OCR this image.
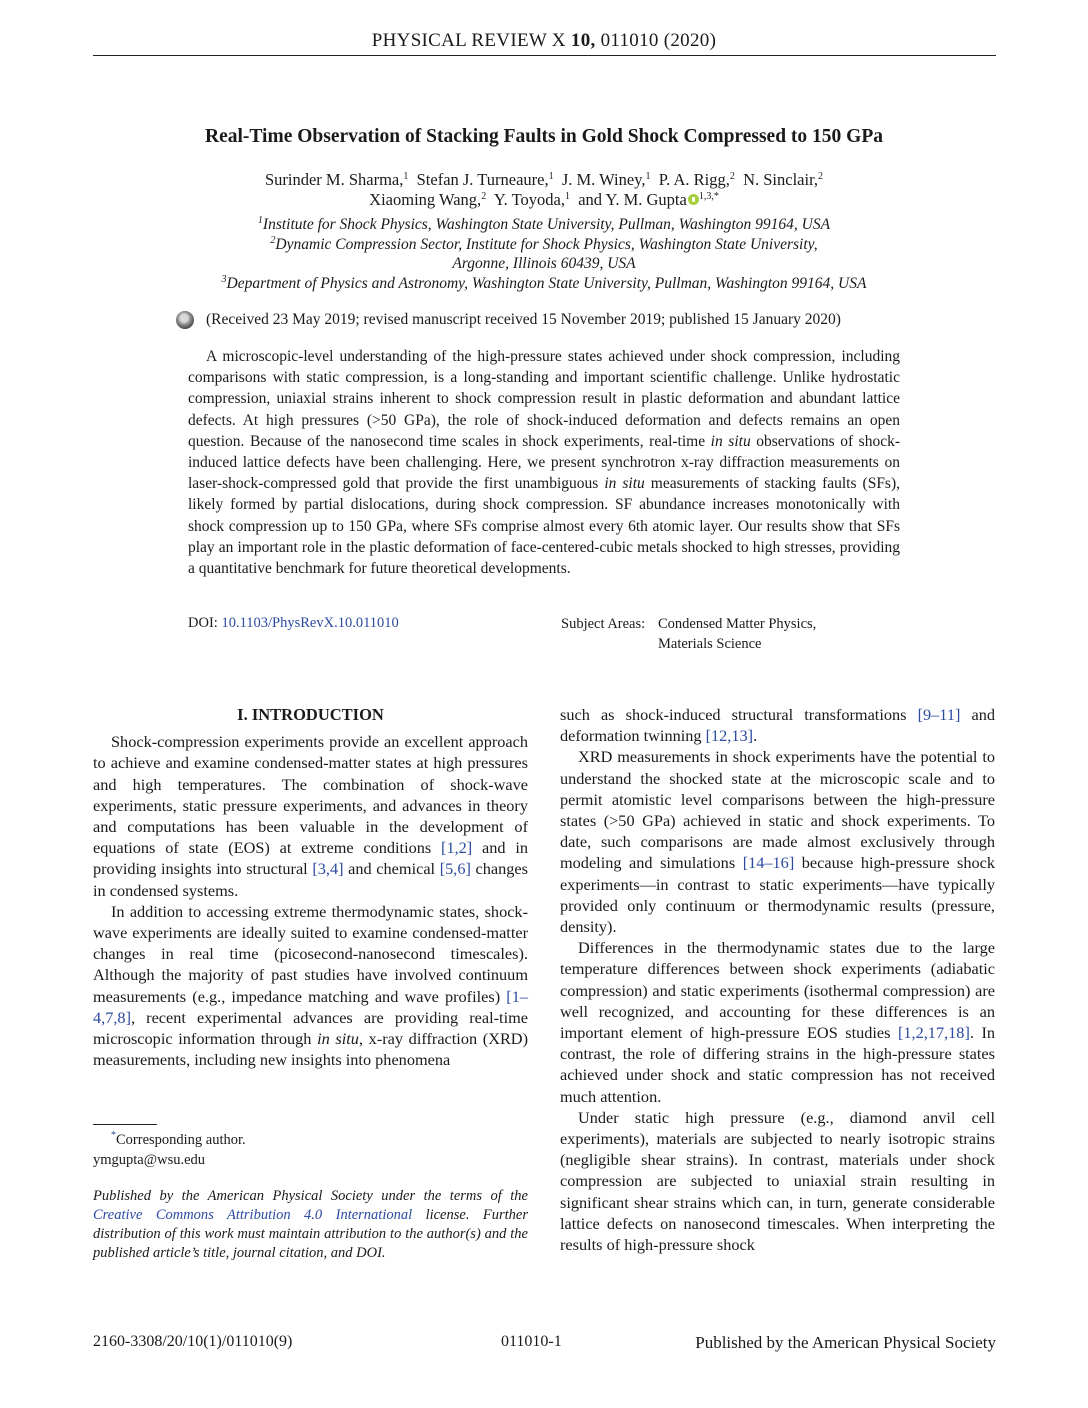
PHYSICAL REVIEW X 10, 011010 (2020)
Real-Time Observation of Stacking Faults in Gold Shock Compressed to 150 GPa
Surinder M. Sharma,$^1$ Stefan J. Turneaure,$^1$ J. M. Winey,$^1$ P. A. Rigg,$^2$ N. Sinclair,$^2$
Xiaoming Wang,$^2$ Y. Toyoda,$^1$ and Y. M. Gupta $^{1,3,*}$
$^1$Institute for Shock Physics, Washington State University, Pullman, Washington 99164, USA
$^2$Dynamic Compression Sector, Institute for Shock Physics, Washington State University,
Argonne, Illinois 60439, USA
$^3$Department of Physics and Astronomy, Washington State University, Pullman, Washington 99164, USA
(Received 23 May 2019; revised manuscript received 15 November 2019; published 15 January 2020)
A microscopic-level understanding of the high-pressure states achieved under shock compression, including comparisons with static compression, is a long-standing and important scientific challenge. Unlike hydrostatic compression, uniaxial strains inherent to shock compression result in plastic deformation and abundant lattice defects. At high pressures (>50 GPa), the role of shock-induced deformation and defects remains an open question. Because of the nanosecond time scales in shock experiments, real-time in situ observations of shock-induced lattice defects have been challenging. Here, we present synchrotron x-ray diffraction measurements on laser-shock-compressed gold that provide the first unambiguous in situ measurements of stacking faults (SFs), likely formed by partial dislocations, during shock compression. SF abundance increases monotonically with shock compression up to 150 GPa, where SFs comprise almost every 6th atomic layer. Our results show that SFs play an important role in the plastic deformation of face-centered-cubic metals shocked to high stresses, providing a quantitative benchmark for future theoretical developments.
DOI: 10.1103/PhysRevX.10.011010	Subject Areas: Condensed Matter Physics,
Materials Science
I. INTRODUCTION
Shock-compression experiments provide an excellent approach to achieve and examine condensed-matter states at high pressures and high temperatures. The combination of shock-wave experiments, static pressure experiments, and advances in theory and computations has been valuable in the development of equations of state (EOS) at extreme conditions [1,2] and in providing insights into structural [3,4] and chemical [5,6] changes in condensed systems.
In addition to accessing extreme thermodynamic states, shock-wave experiments are ideally suited to examine condensed-matter changes in real time (picosecond-nanosecond timescales). Although the majority of past studies have involved continuum measurements (e.g., impedance matching and wave profiles) [1–4,7,8], recent experimental advances are providing real-time microscopic information through in situ, x-ray diffraction (XRD) measurements, including new insights into phenomena
such as shock-induced structural transformations [9–11] and deformation twinning [12,13].
XRD measurements in shock experiments have the potential to understand the shocked state at the microscopic scale and to permit atomistic level comparisons between the high-pressure states (>50 GPa) achieved in static and shock experiments. To date, such comparisons are made almost exclusively through modeling and simulations [14–16] because high-pressure shock experiments—in contrast to static experiments—have typically provided only continuum or thermodynamic results (pressure, density).
Differences in the thermodynamic states due to the large temperature differences between shock experiments (adiabatic compression) and static experiments (isothermal compression) are well recognized, and accounting for these differences is an important element of high-pressure EOS studies [1,2,17,18]. In contrast, the role of differing strains in the high-pressure states achieved under shock and static compression has not received much attention.
Under static high pressure (e.g., diamond anvil cell experiments), materials are subjected to nearly isotropic strains (negligible shear strains). In contrast, materials under shock compression are subjected to uniaxial strain resulting in significant shear strains which can, in turn, generate considerable lattice defects on nanosecond timescales. When interpreting the results of high-pressure shock
*Corresponding author.
ymgupta@wsu.edu
Published by the American Physical Society under the terms of the Creative Commons Attribution 4.0 International license. Further distribution of this work must maintain attribution to the author(s) and the published article’s title, journal citation, and DOI.
2160-3308/20/10(1)/011010(9)	011010-1	Published by the American Physical Society
